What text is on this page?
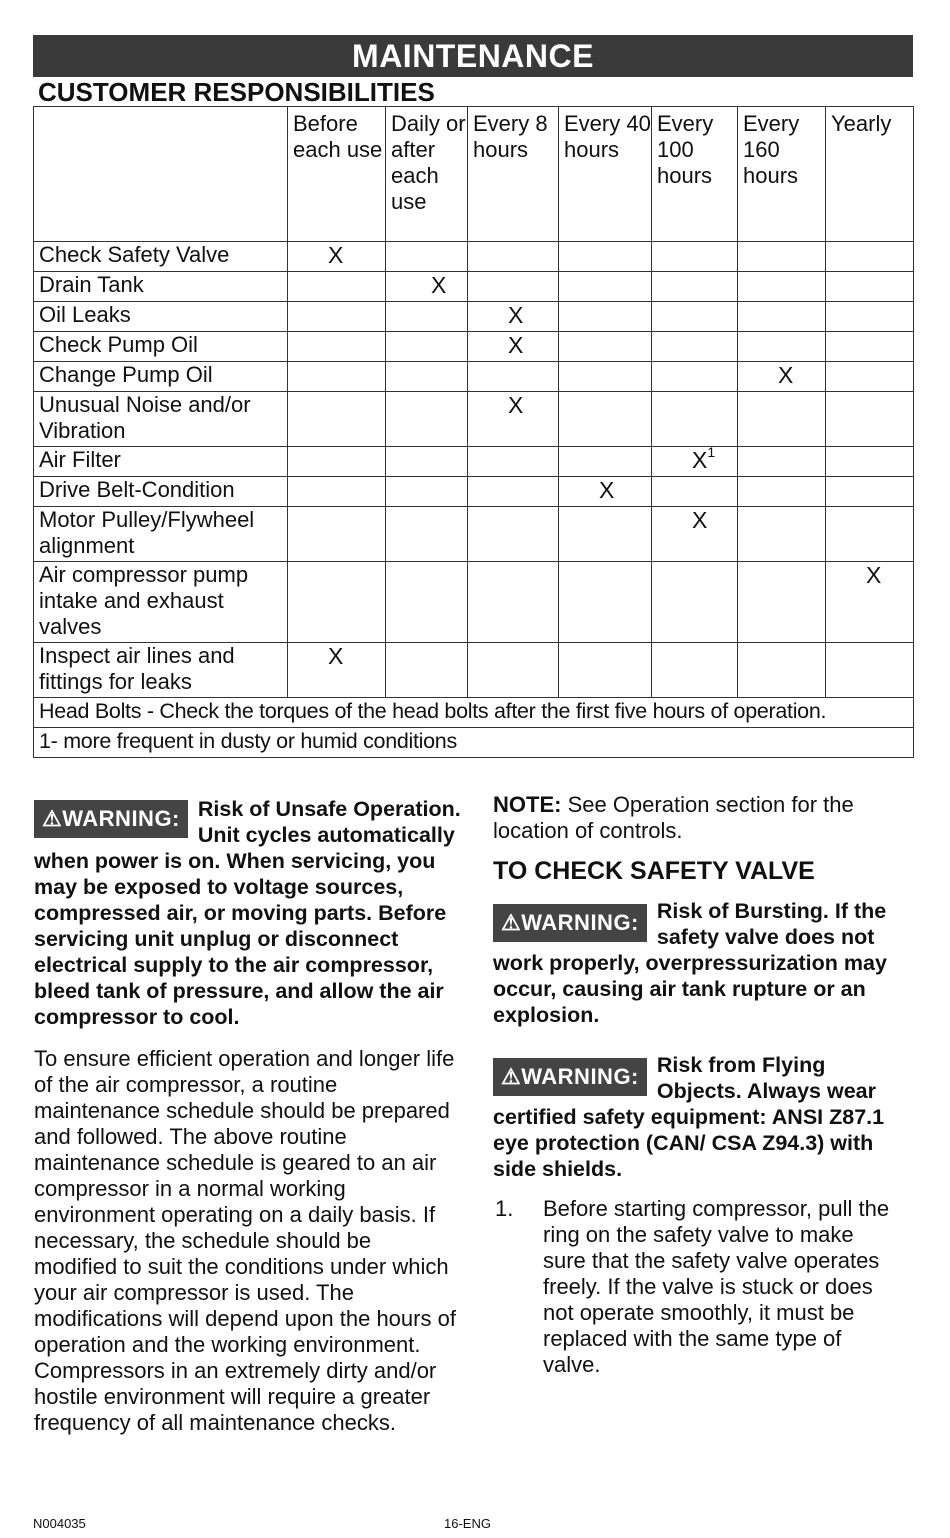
MAINTENANCE
CUSTOMER RESPONSIBILITIES
	Before each use	Daily or after each use	Every 8 hours	Every 40 hours	Every 100 hours	Every 160 hours	Yearly
Check Safety Valve	X						
Drain Tank		X					
Oil Leaks			X				
Check Pump Oil			X				
Change Pump Oil						X	
Unusual Noise and/or Vibration			X				
Air Filter					$X^1$		
Drive Belt-Condition				X			
Motor Pulley/Flywheel alignment					X		
Air compressor pump intake and exhaust valves							X
Inspect air lines and fittings for leaks	X						
Head Bolts - Check the torques of the head bolts after the first five hours of operation.							
1- more frequent in dusty or humid conditions							
⚠WARNING: Risk of Unsafe Operation. Unit cycles automatically when power is on. When servicing, you may be exposed to voltage sources, compressed air, or moving parts. Before servicing unit unplug or disconnect electrical supply to the air compressor, bleed tank of pressure, and allow the air compressor to cool.
To ensure efficient operation and longer life of the air compressor, a routine maintenance schedule should be prepared and followed. The above routine maintenance schedule is geared to an air compressor in a normal working environment operating on a daily basis. If necessary, the schedule should be modified to suit the conditions under which your air compressor is used. The modifications will depend upon the hours of operation and the working environment. Compressors in an extremely dirty and/or hostile environment will require a greater frequency of all maintenance checks.
NOTE: See Operation section for the location of controls.
TO CHECK SAFETY VALVE
⚠WARNING: Risk of Bursting. If the safety valve does not work properly, overpressurization may occur, causing air tank rupture or an explosion.
⚠WARNING: Risk from Flying Objects. Always wear certified safety equipment: ANSI Z87.1 eye protection (CAN/ CSA Z94.3) with side shields.
1.	Before starting compressor, pull the ring on the safety valve to make sure that the safety valve operates freely. If the valve is stuck or does not operate smoothly, it must be replaced with the same type of valve.
N004035	16-ENG
